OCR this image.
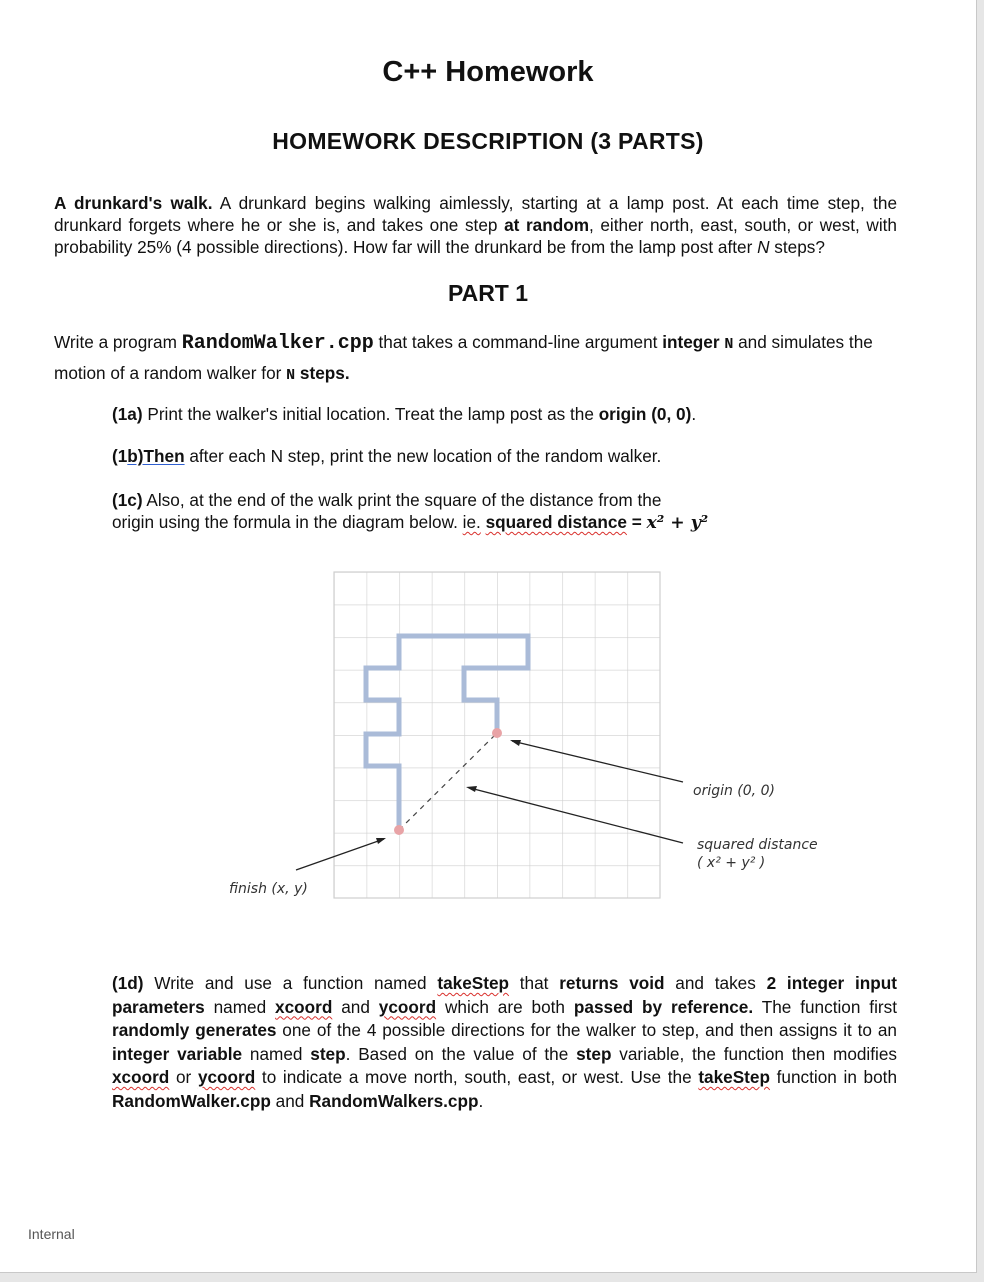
C++ Homework
HOMEWORK DESCRIPTION (3 PARTS)
A drunkard's walk. A drunkard begins walking aimlessly, starting at a lamp post. At each time step, the drunkard forgets where he or she is, and takes one step at random, either north, east, south, or west, with probability 25% (4 possible directions). How far will the drunkard be from the lamp post after N steps?
PART 1
Write a program RandomWalker.cpp that takes a command-line argument integer N and simulates the motion of a random walker for N steps.
(1a) Print the walker's initial location. Treat the lamp post as the origin (0, 0).
(1b)Then after each N step, print the new location of the random walker.
(1c) Also, at the end of the walk print the square of the distance from the
origin using the formula in the diagram below. ie. squared distance = x² + y²
origin (0, 0)
squared distance
( x² + y² )
finish (x, y)
(1d) Write and use a function named takeStep that returns void and takes 2 integer input parameters named xcoord and ycoord which are both passed by reference. The function first randomly generates one of the 4 possible directions for the walker to step, and then assigns it to an integer variable named step. Based on the value of the step variable, the function then modifies xcoord or ycoord to indicate a move north, south, east, or west. Use the takeStep function in both RandomWalker.cpp and RandomWalkers.cpp.
Internal
